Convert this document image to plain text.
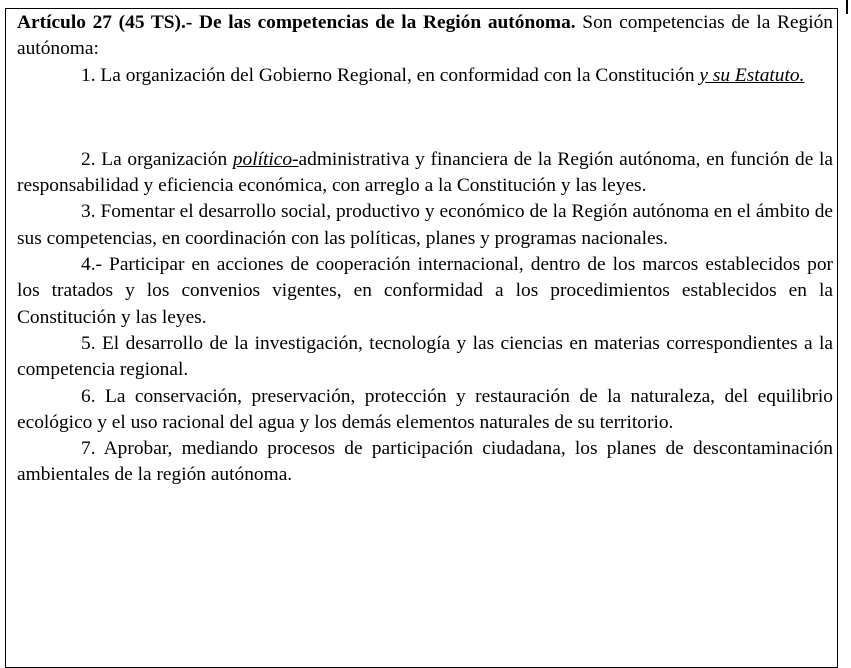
Artículo 27 (45 TS).- De las competencias de la Región autónoma. Son competencias de la Región autónoma:

1. La organización del Gobierno Regional, en conformidad con la Constitución y su Estatuto.

2. La organización político-administrativa y financiera de la Región autónoma, en función de la responsabilidad y eficiencia económica, con arreglo a la Constitución y las leyes.

3. Fomentar el desarrollo social, productivo y económico de la Región autónoma en el ámbito de sus competencias, en coordinación con las políticas, planes y programas nacionales.

4.- Participar en acciones de cooperación internacional, dentro de los marcos establecidos por los tratados y los convenios vigentes, en conformidad a los procedimientos establecidos en la Constitución y las leyes.

5. El desarrollo de la investigación, tecnología y las ciencias en materias correspondientes a la competencia regional.

6. La conservación, preservación, protección y restauración de la naturaleza, del equilibrio ecológico y el uso racional del agua y los demás elementos naturales de su territorio.

7. Aprobar, mediando procesos de participación ciudadana, los planes de descontaminación ambientales de la región autónoma.
